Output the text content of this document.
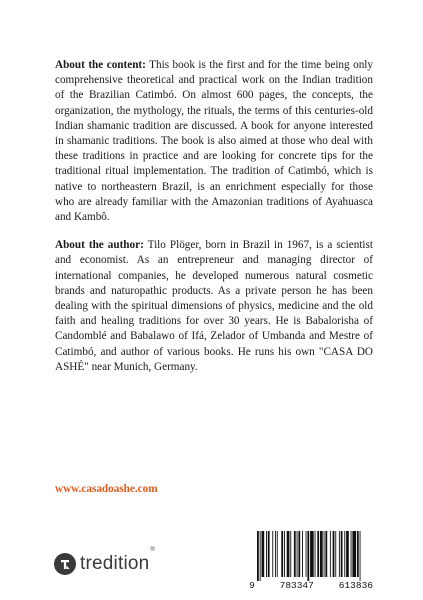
About the content: This book is the first and for the time being only comprehensive theoretical and practical work on the Indian tradition of the Brazilian Catimbó. On almost 600 pages, the concepts, the organization, the mythology, the rituals, the terms of this centuries-old Indian shamanic tradition are discussed. A book for anyone interested in shamanic traditions. The book is also aimed at those who deal with these traditions in practice and are looking for concrete tips for the traditional ritual implementation. The tradition of Catimbó, which is native to northeastern Brazil, is an enrichment especially for those who are already familiar with the Amazonian traditions of Ayahuasca and Kambô.

About the author: Tilo Plöger, born in Brazil in 1967, is a scientist and economist. As an entrepreneur and managing director of international companies, he developed numerous natural cosmetic brands and naturopathic products. As a private person he has been dealing with the spiritual dimensions of physics, medicine and the old faith and healing traditions for over 30 years. He is Babalorisha of Candomblé and Babalawo of Ifá, Zelador of Umbanda and Mestre of Catimbó, and author of various books. He runs his own "CASA DO ASHÉ" near Munich, Germany.

www.casadoashe.com
tredition®
9	783347	613836
